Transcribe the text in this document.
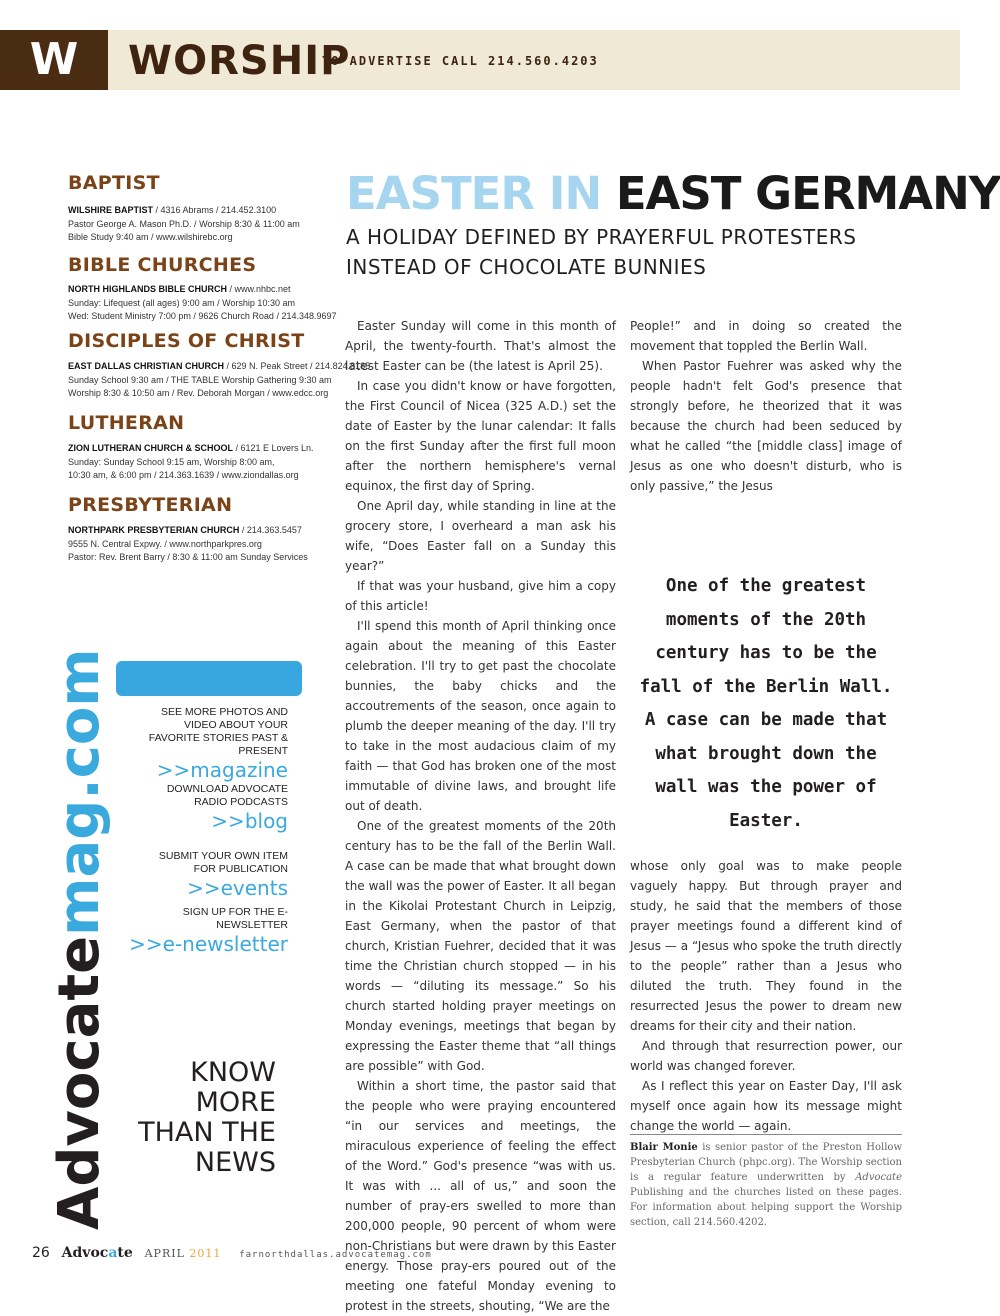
W	WORSHIP
TO ADVERTISE CALL 214.560.4203
BAPTIST
WILSHIRE BAPTIST / 4316 Abrams / 214.452.3100
Pastor George A. Mason Ph.D. / Worship 8:30 & 11:00 am
Bible Study 9:40 am / www.wilshirebc.org
BIBLE CHURCHES
NORTH HIGHLANDS BIBLE CHURCH / www.nhbc.net
Sunday: Lifequest (all ages) 9:00 am / Worship 10:30 am
Wed: Student Ministry 7:00 pm / 9626 Church Road / 214.348.9697
DISCIPLES OF CHRIST
EAST DALLAS CHRISTIAN CHURCH / 629 N. Peak Street / 214.824.8185
Sunday School 9:30 am / THE TABLE Worship Gathering 9:30 am
Worship 8:30 & 10:50 am / Rev. Deborah Morgan / www.edcc.org
LUTHERAN
ZION LUTHERAN CHURCH & SCHOOL / 6121 E Lovers Ln.
Sunday: Sunday School 9:15 am, Worship 8:00 am,
10:30 am, & 6:00 pm / 214.363.1639 / www.ziondallas.org
PRESBYTERIAN
NORTHPARK PRESBYTERIAN CHURCH / 214.363.5457
9555 N. Central Expwy. / www.northparkpres.org
Pastor: Rev. Brent Barry / 8:30 & 11:00 am Sunday Services
EASTER IN EAST GERMANY
A HOLIDAY DEFINED BY PRAYERFUL PROTESTERS INSTEAD OF CHOCOLATE BUNNIES

Easter Sunday will come in this month of April, the twenty-fourth. That's almost the latest Easter can be (the latest is April 25).

In case you didn't know or have forgotten, the First Council of Nicea (325 A.D.) set the date of Easter by the lunar calendar: It falls on the first Sunday after the first full moon after the northern hemisphere's vernal equinox, the first day of Spring.

One April day, while standing in line at the grocery store, I overheard a man ask his wife, “Does Easter fall on a Sunday this year?”

If that was your husband, give him a copy of this article!

I'll spend this month of April thinking once again about the meaning of this Easter celebration. I'll try to get past the chocolate bunnies, the baby chicks and the accoutrements of the season, once again to plumb the deeper meaning of the day. I'll try to take in the most audacious claim of my faith — that God has broken one of the most immutable of divine laws, and brought life out of death.

One of the greatest moments of the 20th century has to be the fall of the Berlin Wall. A case can be made that what brought down the wall was the power of Easter. It all began in the Kikolai Protestant Church in Leipzig, East Germany, when the pastor of that church, Kristian Fuehrer, decided that it was time the Christian church stopped — in his words — “diluting its message.” So his church started holding prayer meetings on Monday evenings, meetings that began by expressing the Easter theme that “all things are possible” with God.

Within a short time, the pastor said that the people who were praying encountered “in our services and meetings, the miraculous experience of feeling the effect of the Word.” God's presence “was with us. It was with ... all of us,” and soon the number of pray-ers swelled to more than 200,000 people, 90 percent of whom were non-Christians but were drawn by this Easter energy. Those pray-ers poured out of the meeting one fateful Monday evening to protest in the streets, shouting, “We are the

People!” and in doing so created the movement that toppled the Berlin Wall.

When Pastor Fuehrer was asked why the people hadn't felt God's presence that strongly before, he theorized that it was because the church had been seduced by what he called “the [middle class] image of Jesus as one who doesn't disturb, who is only passive,” the Jesus

One of the greatest moments of the 20th century has to be the fall of the Berlin Wall. A case can be made that what brought down the wall was the power of Easter.

whose only goal was to make people vaguely happy. But through prayer and study, he said that the members of those prayer meetings found a different kind of Jesus — a “Jesus who spoke the truth directly to the people” rather than a Jesus who diluted the truth. They found in the resurrected Jesus the power to dream new dreams for their city and their nation.

And through that resurrection power, our world was changed forever.

As I reflect this year on Easter Day, I'll ask myself once again how its message might change the world — again.

Blair Monie is senior pastor of the Preston Hollow Presbyterian Church (phpc.org). The Worship section is a regular feature underwritten by Advocate Publishing and the churches listed on these pages. For information about helping support the Worship section, call 214.560.4202.
Advocatemag.com	SEE MORE PHOTOS AND VIDEO ABOUT YOUR FAVORITE STORIES PAST & PRESENT
>>magazine
DOWNLOAD ADVOCATE RADIO PODCASTS
>>blog
SUBMIT YOUR OWN ITEM FOR PUBLICATION
>>events
SIGN UP FOR THE E- NEWSLETTER
>>e-newsletter
KNOW MORE THAN THE NEWS
26 Advocate APRIL 2011 farnorthdallas.advocatemag.com
